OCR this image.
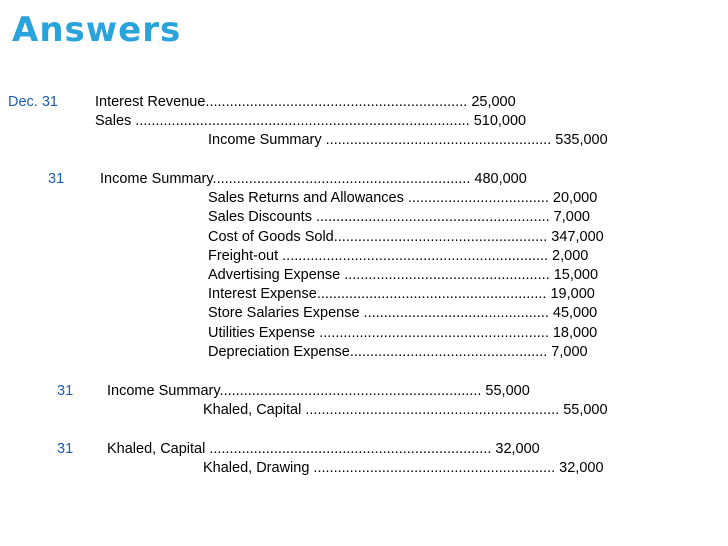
Answers
Dec. 31	Interest Revenue................................................................. 25,000
Sales ................................................................................... 510,000
Income Summary ........................................................ 535,000
31 Income Summary................................................................ 480,000
Sales Returns and Allowances ................................... 20,000
Sales Discounts .......................................................... 7,000
Cost of Goods Sold..................................................... 347,000
Freight-out .................................................................. 2,000
Advertising Expense ................................................... 15,000
Interest Expense......................................................... 19,000
Store Salaries Expense .............................................. 45,000
Utilities Expense ......................................................... 18,000
Depreciation Expense................................................. 7,000
31 Income Summary................................................................. 55,000
Khaled, Capital ............................................................... 55,000
31 Khaled, Capital ...................................................................... 32,000
Khaled, Drawing ............................................................ 32,000
